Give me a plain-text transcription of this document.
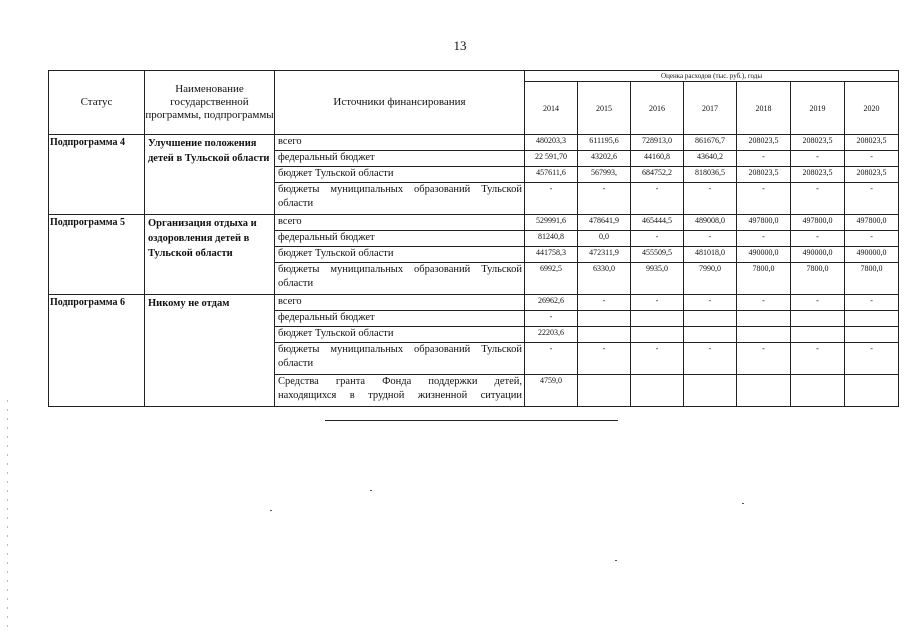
13
Статус	Наименование государственной программы, подпрограммы	Источники финансирования	Оценка расходов (тыс. руб.), годы						
			2014	2015	2016	2017	2018	2019	2020
Подпрограмма 4	Улучшение положения детей в Тульской области	всего	480203,3	611195,6	728913,0	861676,7	208023,5	208023,5	208023,5
		федеральный бюджет	22 591,70	43202,6	44160,8	43640,2	-	-	-
		бюджет Тульской области	457611,6	567993,	684752,2	818036,5	208023,5	208023,5	208023,5
		бюджеты муниципальных образований Тульской области	-	-	-	-	-	-	-
Подпрограмма 5	Организация отдыха и оздоровления детей в Тульской области	всего	529991,6	478641,9	465444,5	489008,0	497800,0	497800,0	497800,0
		федеральный бюджет	81240,8	0,0	-	-	-	-	-
		бюджет Тульской области	441758,3	472311,9	455509,5	481018,0	490000,0	490000,0	490000,0
		бюджеты муниципальных образований Тульской области	6992,5	6330,0	9935,0	7990,0	7800,0	7800,0	7800,0
Подпрограмма 6	Никому не отдам	всего	26962,6	-	-	-	-	-	-
		федеральный бюджет	-						
		бюджет Тульской области	22203,6						
		бюджеты муниципальных образований Тульской области	-	-	-	-	-	-	-
		Средства гранта Фонда поддержки детей, находящихся в трудной жизненной ситуации	4759,0						
